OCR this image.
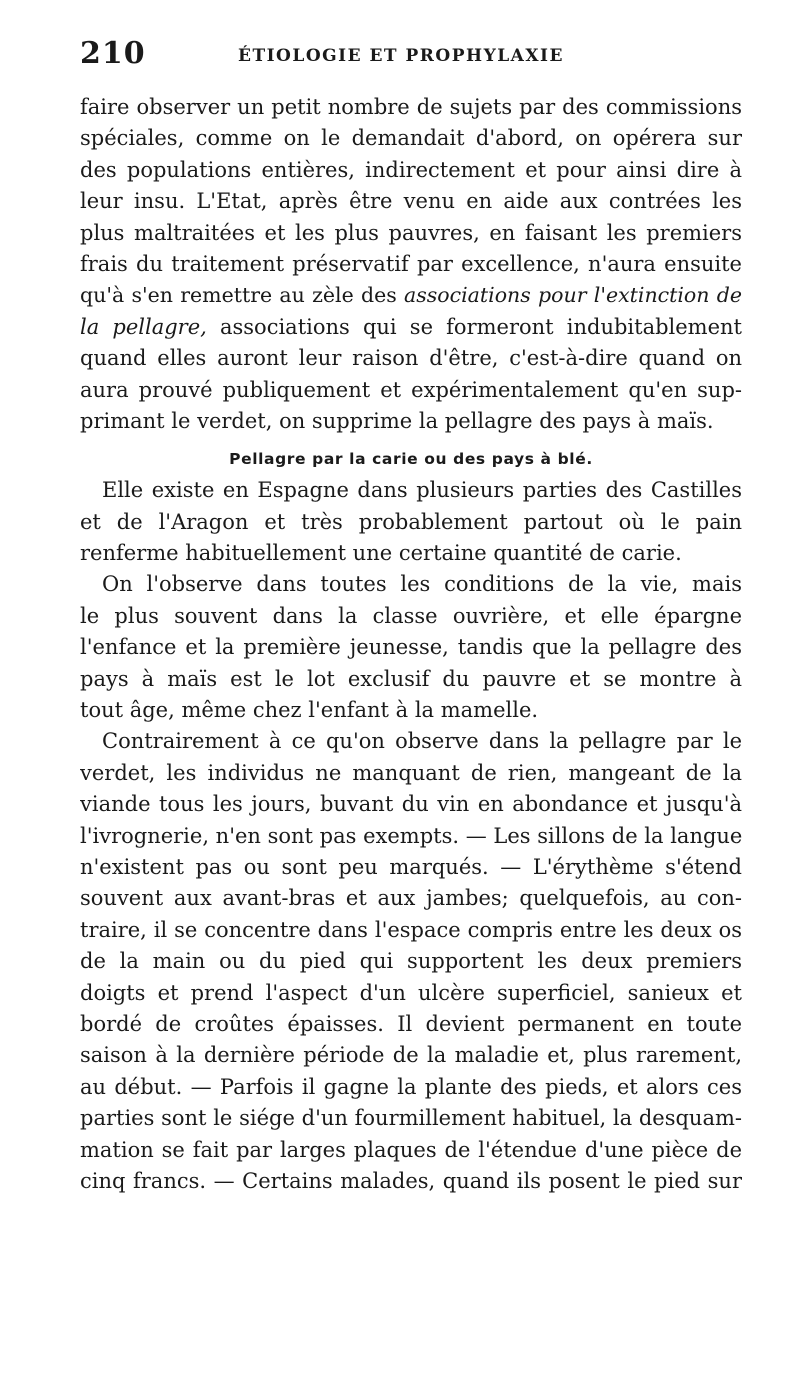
210	ÉTIOLOGIE ET PROPHYLAXIE
faire observer un petit nombre de sujets par des commissions
spéciales, comme on le demandait d'abord, on opérera sur
des populations entières, indirectement et pour ainsi dire à
leur insu. L'Etat, après être venu en aide aux contrées les
plus maltraitées et les plus pauvres, en faisant les premiers
frais du traitement préservatif par excellence, n'aura ensuite
qu'à s'en remettre au zèle des associations pour l'extinction de
la pellagre, associations qui se formeront indubitablement
quand elles auront leur raison d'être, c'est-à-dire quand on
aura prouvé publiquement et expérimentalement qu'en sup-
primant le verdet, on supprime la pellagre des pays à maïs.
Pellagre par la carie ou des pays à blé.
Elle existe en Espagne dans plusieurs parties des Castilles
et de l'Aragon et très probablement partout où le pain
renferme habituellement une certaine quantité de carie.
On l'observe dans toutes les conditions de la vie, mais
le plus souvent dans la classe ouvrière, et elle épargne
l'enfance et la première jeunesse, tandis que la pellagre des
pays à maïs est le lot exclusif du pauvre et se montre à
tout âge, même chez l'enfant à la mamelle.
Contrairement à ce qu'on observe dans la pellagre par le
verdet, les individus ne manquant de rien, mangeant de la
viande tous les jours, buvant du vin en abondance et jusqu'à
l'ivrognerie, n'en sont pas exempts. — Les sillons de la langue
n'existent pas ou sont peu marqués. — L'érythème s'étend
souvent aux avant-bras et aux jambes; quelquefois, au con-
traire, il se concentre dans l'espace compris entre les deux os
de la main ou du pied qui supportent les deux premiers
doigts et prend l'aspect d'un ulcère superficiel, sanieux et
bordé de croûtes épaisses. Il devient permanent en toute
saison à la dernière période de la maladie et, plus rarement,
au début. — Parfois il gagne la plante des pieds, et alors ces
parties sont le siége d'un fourmillement habituel, la desquam-
mation se fait par larges plaques de l'étendue d'une pièce de
cinq francs. — Certains malades, quand ils posent le pied sur
